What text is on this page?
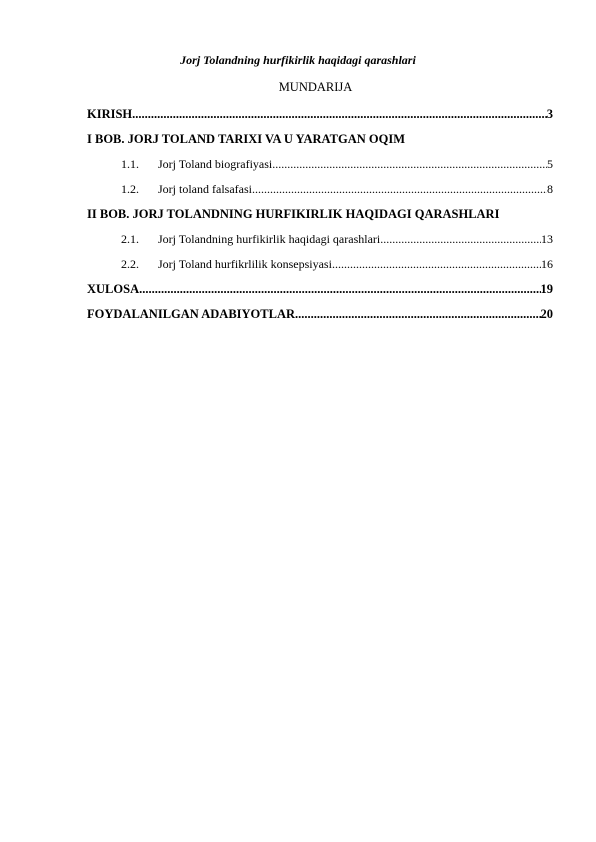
Jorj Tolandning hurfikirlik haqidagi qarashlari
MUNDARIJA
KIRISH .....	3
I BOB. JORJ TOLAND TARIXI VA U YARATGAN OQIM
1.1.	Jorj Toland biografiyasi .....	5
1.2.	Jorj toland falsafasi .....	8
II BOB. JORJ TOLANDNING HURFIKIRLIK HAQIDAGI QARASHLARI
2.1.	Jorj Tolandning hurfikirlik haqidagi qarashlari .....	13
2.2.	Jorj Toland hurfikrlilik konsepsiyasi .....	16
XULOSA .....	19
FOYDALANILGAN ADABIYOTLAR .....	20
